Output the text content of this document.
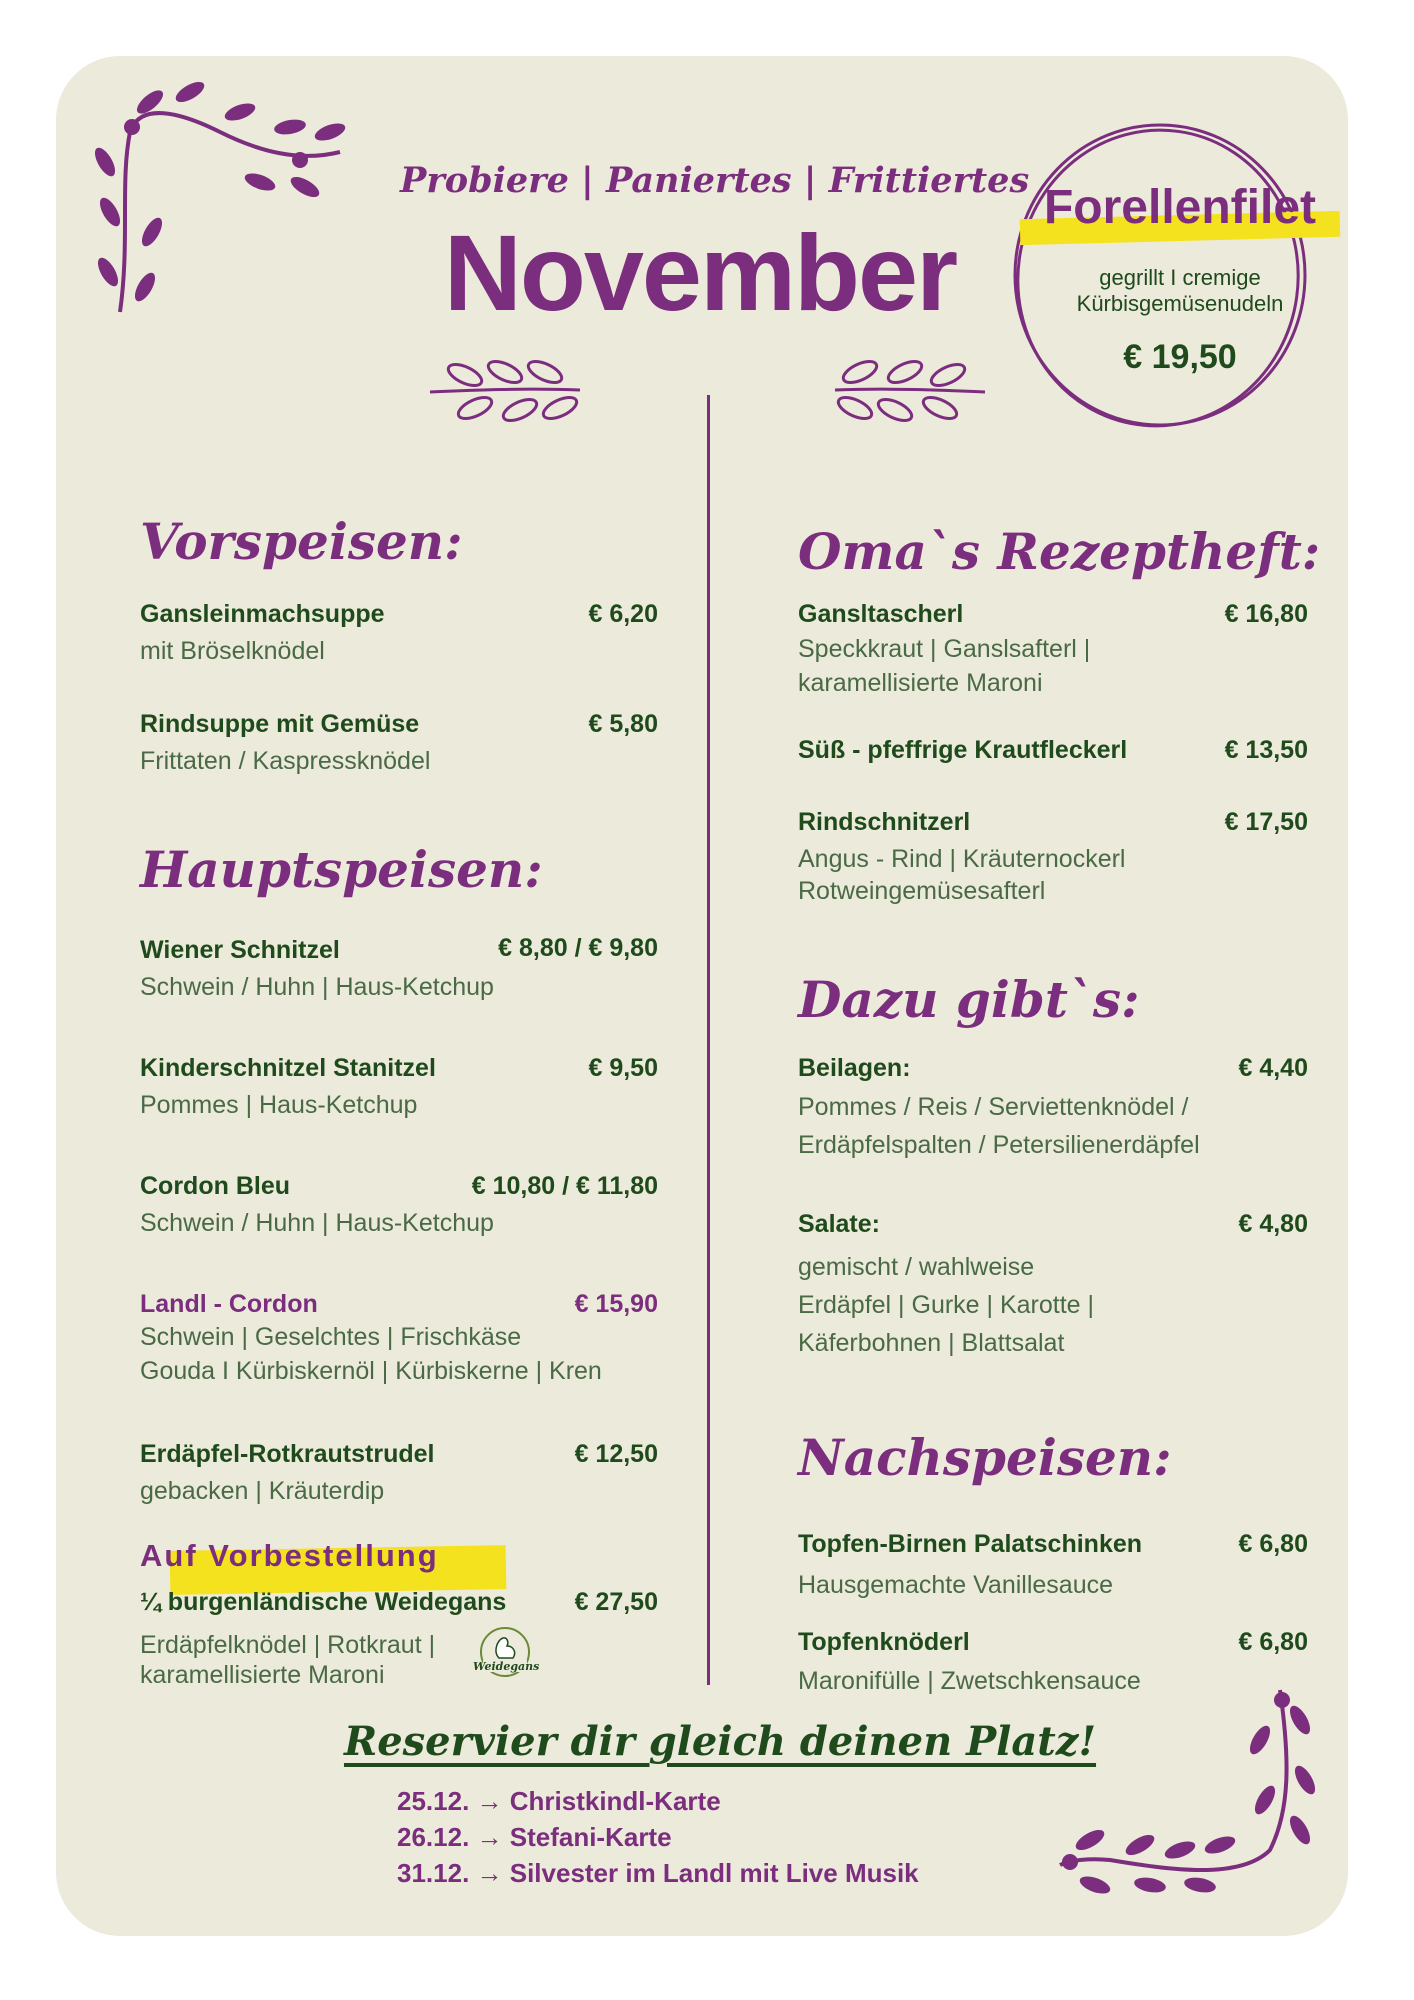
Probiere | Paniertes | Frittiertes
November
Forellenfilet
gegrillt I cremige
Kürbisgemüsenudeln
€ 19,50
Vorspeisen:
Gansleinmachsuppe	€ 6,20
mit Bröselknödel
Rindsuppe mit Gemüse	€ 5,80
Frittaten / Kaspressknödel
Hauptspeisen:
Wiener Schnitzel	€ 8,80 / € 9,80
Schwein / Huhn | Haus-Ketchup
Kinderschnitzel Stanitzel	€ 9,50
Pommes | Haus-Ketchup
Cordon Bleu	€ 10,80 / € 11,80
Schwein / Huhn | Haus-Ketchup
Landl - Cordon	€ 15,90
Schwein | Geselchtes | Frischkäse
Gouda I Kürbiskernöl | Kürbiskerne | Kren
Erdäpfel-Rotkrautstrudel	€ 12,50
gebacken | Kräuterdip
Auf Vorbestellung
¼ burgenländische Weidegans	€ 27,50
Erdäpfelknödel | Rotkraut |
karamellisierte Maroni	Weidegans
Oma`s Rezeptheft:
Gansltascherl	€ 16,80
Speckkraut | Ganslsafterl |
karamellisierte Maroni
Süß - pfeffrige Krautfleckerl	€ 13,50
Rindschnitzerl	€ 17,50
Angus - Rind | Kräuternockerl
Rotweingemüsesafterl
Dazu gibt`s:
Beilagen:	€ 4,40
Pommes / Reis / Serviettenknödel /
Erdäpfelspalten / Petersilienerdäpfel
Salate:	€ 4,80
gemischt / wahlweise
Erdäpfel | Gurke | Karotte |
Käferbohnen | Blattsalat
Nachspeisen:
Topfen-Birnen Palatschinken	€ 6,80
Hausgemachte Vanillesauce
Topfenknöderl	€ 6,80
Maronifülle | Zwetschkensauce
Reservier dir gleich deinen Platz!
25.12. → Christkindl-Karte
26.12. → Stefani-Karte
31.12. → Silvester im Landl mit Live Musik
